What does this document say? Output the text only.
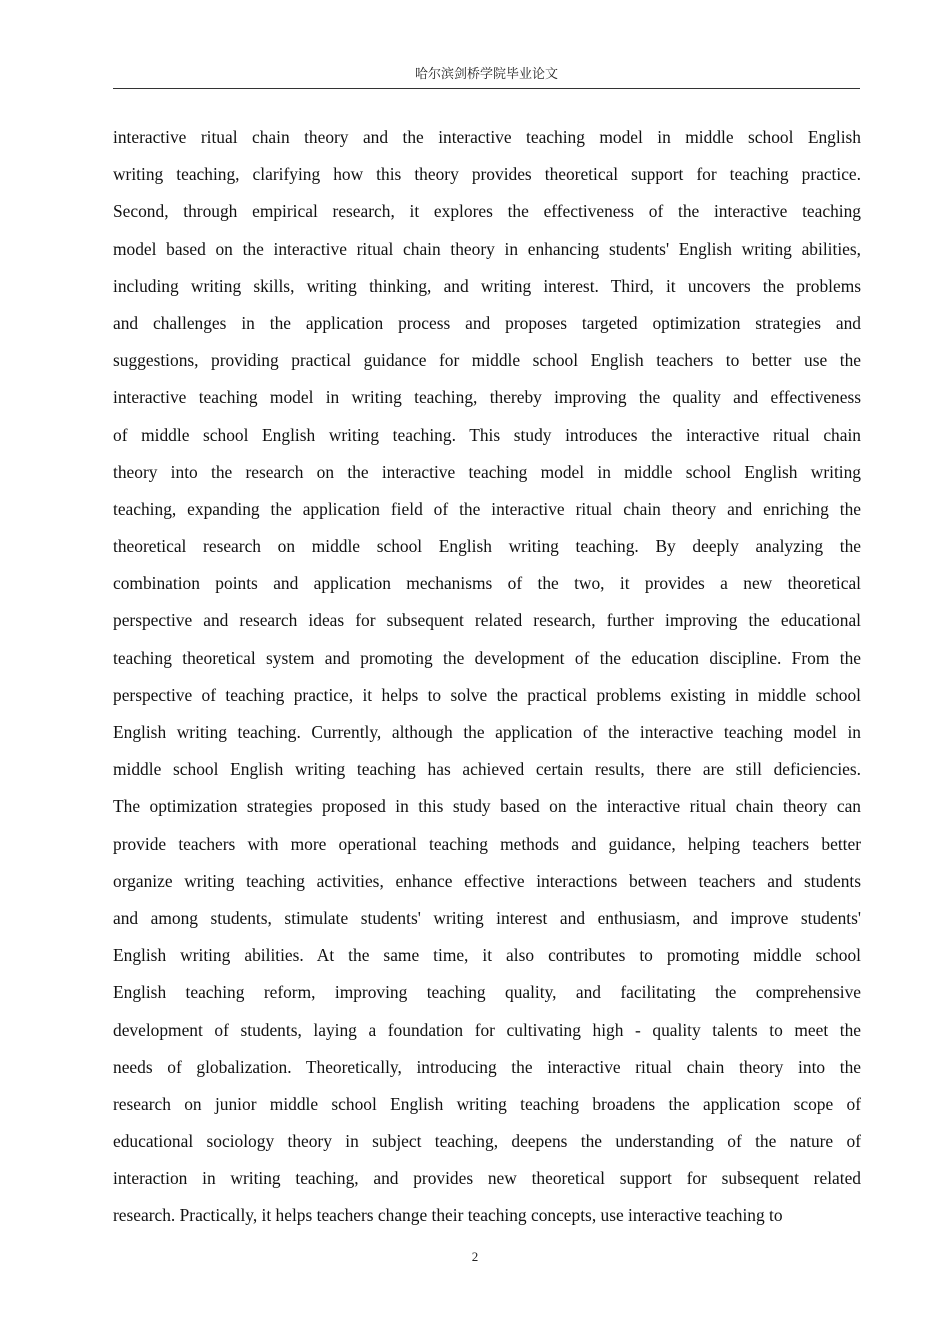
哈尔滨剑桥学院毕业论文
interactive ritual chain theory and the interactive teaching model in middle school English
writing teaching, clarifying how this theory provides theoretical support for teaching practice.
Second, through empirical research, it explores the effectiveness of the interactive teaching
model based on the interactive ritual chain theory in enhancing students' English writing abilities,
including writing skills, writing thinking, and writing interest. Third, it uncovers the problems
and challenges in the application process and proposes targeted optimization strategies and
suggestions, providing practical guidance for middle school English teachers to better use the
interactive teaching model in writing teaching, thereby improving the quality and effectiveness
of middle school English writing teaching. This study introduces the interactive ritual chain
theory into the research on the interactive teaching model in middle school English writing
teaching, expanding the application field of the interactive ritual chain theory and enriching the
theoretical research on middle school English writing teaching. By deeply analyzing the
combination points and application mechanisms of the two, it provides a new theoretical
perspective and research ideas for subsequent related research, further improving the educational
teaching theoretical system and promoting the development of the education discipline. From the
perspective of teaching practice, it helps to solve the practical problems existing in middle school
English writing teaching. Currently, although the application of the interactive teaching model in
middle school English writing teaching has achieved certain results, there are still deficiencies.
The optimization strategies proposed in this study based on the interactive ritual chain theory can
provide teachers with more operational teaching methods and guidance, helping teachers better
organize writing teaching activities, enhance effective interactions between teachers and students
and among students, stimulate students' writing interest and enthusiasm, and improve students'
English writing abilities. At the same time, it also contributes to promoting middle school
English teaching reform, improving teaching quality, and facilitating the comprehensive
development of students, laying a foundation for cultivating high - quality talents to meet the
needs of globalization. Theoretically, introducing the interactive ritual chain theory into the
research on junior middle school English writing teaching broadens the application scope of
educational sociology theory in subject teaching, deepens the understanding of the nature of
interaction in writing teaching, and provides new theoretical support for subsequent related
research. Practically, it helps teachers change their teaching concepts, use interactive teaching to
2
